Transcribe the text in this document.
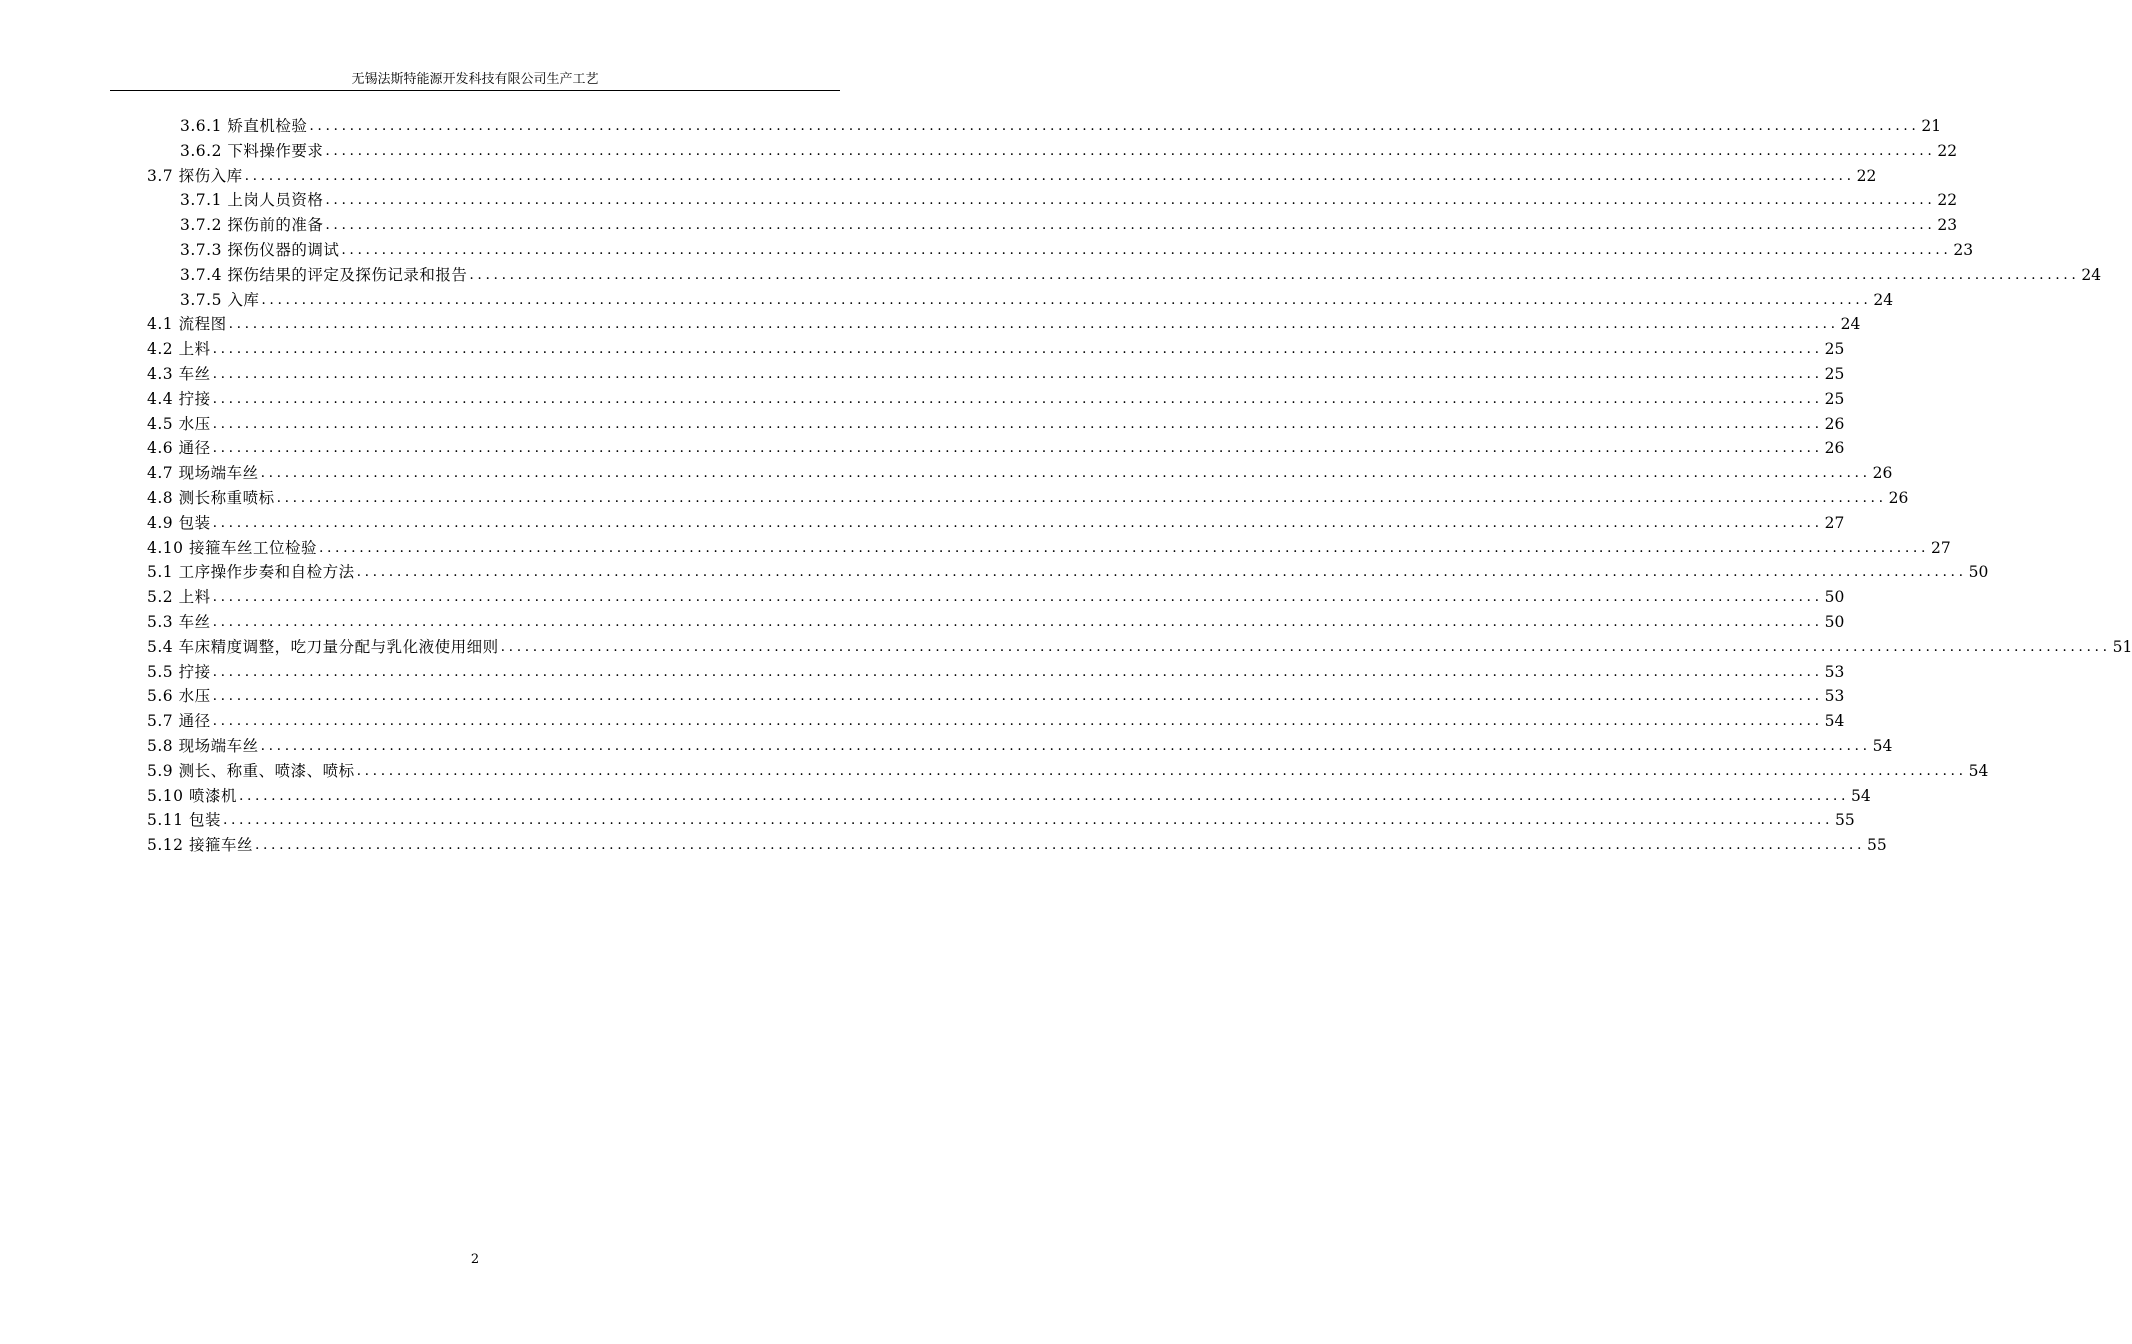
无锡法斯特能源开发科技有限公司生产工艺
3.6.1 矫直机检验 ........................................................................................................................................................................................................ 21
3.6.2 下料操作要求 ........................................................................................................................................................................................................ 22
3.7 探伤入库 ........................................................................................................................................................................................................ 22
3.7.1 上岗人员资格 ........................................................................................................................................................................................................ 22
3.7.2 探伤前的准备 ........................................................................................................................................................................................................ 23
3.7.3 探伤仪器的调试 ........................................................................................................................................................................................................ 23
3.7.4 探伤结果的评定及探伤记录和报告 ........................................................................................................................................................................................................ 24
3.7.5 入库 ........................................................................................................................................................................................................ 24
4.1 流程图 ........................................................................................................................................................................................................ 24
4.2 上料 ........................................................................................................................................................................................................ 25
4.3 车丝 ........................................................................................................................................................................................................ 25
4.4 拧接 ........................................................................................................................................................................................................ 25
4.5 水压 ........................................................................................................................................................................................................ 26
4.6 通径 ........................................................................................................................................................................................................ 26
4.7 现场端车丝 ........................................................................................................................................................................................................ 26
4.8 测长称重喷标 ........................................................................................................................................................................................................ 26
4.9 包装 ........................................................................................................................................................................................................ 27
4.10 接箍车丝工位检验 ........................................................................................................................................................................................................ 27
5.1 工序操作步奏和自检方法 ........................................................................................................................................................................................................ 50
5.2 上料 ........................................................................................................................................................................................................ 50
5.3 车丝 ........................................................................................................................................................................................................ 50
5.4 车床精度调整，吃刀量分配与乳化液使用细则 ........................................................................................................................................................................................................ 51
5.5 拧接 ........................................................................................................................................................................................................ 53
5.6 水压 ........................................................................................................................................................................................................ 53
5.7 通径 ........................................................................................................................................................................................................ 54
5.8 现场端车丝 ........................................................................................................................................................................................................ 54
5.9 测长、称重、喷漆、喷标 ........................................................................................................................................................................................................ 54
5.10 喷漆机 ........................................................................................................................................................................................................ 54
5.11 包装 ........................................................................................................................................................................................................ 55
5.12 接箍车丝 ........................................................................................................................................................................................................ 55
2
